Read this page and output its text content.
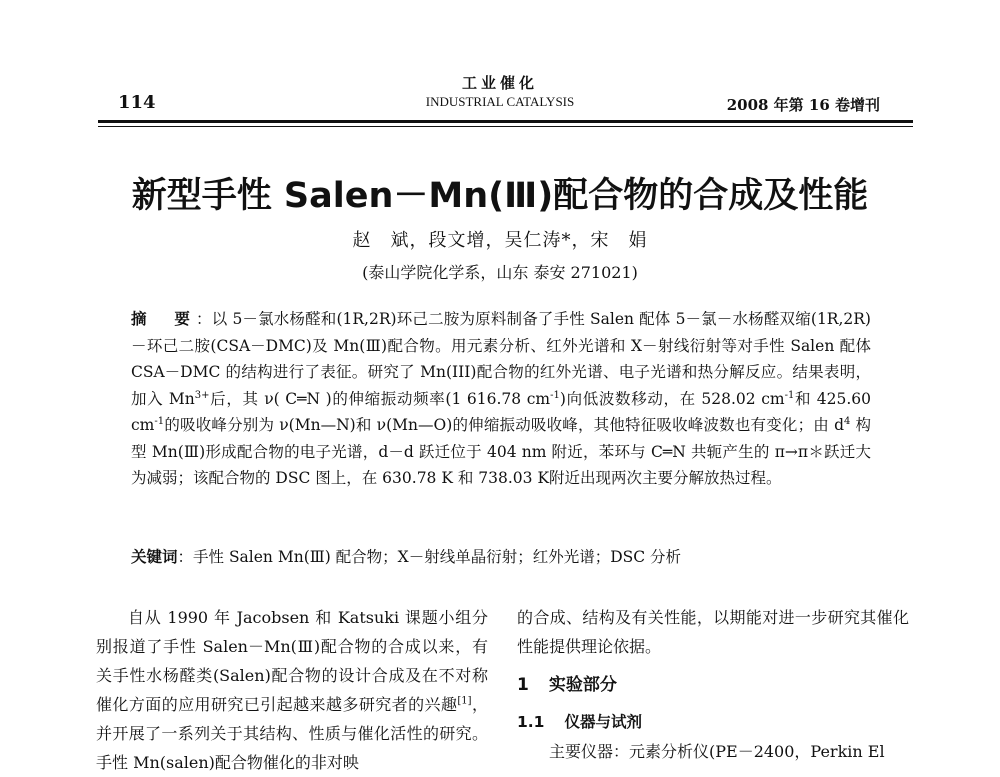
114
工业催化
INDUSTRIAL CATALYSIS	2008 年第 16 卷增刊
新型手性 Salen－Mn(Ⅲ)配合物的合成及性能
赵　斌，段文增，吴仁涛*，宋　娟
(泰山学院化学系，山东 泰安 271021)
摘　要：以 5－氯水杨醛和(1R,2R)环己二胺为原料制备了手性 Salen 配体 5－氯－水杨醛双缩(1R,2R)－环己二胺(CSA－DMC)及 Mn(Ⅲ)配合物。用元素分析、红外光谱和 X－射线衍射等对手性 Salen 配体 CSA－DMC 的结构进行了表征。研究了 Mn(III)配合物的红外光谱、电子光谱和热分解反应。结果表明，加入 $Mn^{3+}$后，其 ν( C═N )的伸缩振动频率(1 616.78 $cm^{-1}$)向低波数移动，在 528.02 $cm^{-1}$和 425.60 $cm^{-1}$的吸收峰分别为 ν(Mn—N)和 ν(Mn—O)的伸缩振动吸收峰，其他特征吸收峰波数也有变化；由 $d^4$ 构型 Mn(Ⅲ)形成配合物的电子光谱，d－d 跃迁位于 404 nm 附近，苯环与 C═N 共轭产生的 π→π＊跃迁大为减弱；该配合物的 DSC 图上，在 630.78 K 和 738.03 K附近出现两次主要分解放热过程。
关键词：手性 Salen Mn(Ⅲ) 配合物；X－射线单晶衍射；红外光谱；DSC 分析

自从 1990 年 Jacobsen 和 Katsuki 课题小组分别报道了手性 Salen－Mn(Ⅲ)配合物的合成以来，有关手性水杨醛类(Salen)配合物的设计合成及在不对称催化方面的应用研究已引起越来越多研究者的兴趣[1]，并开展了一系列关于其结构、性质与催化活性的研究。手性 Mn(salen)配合物催化的非对映

的合成、结构及有关性能，以期能对进一步研究其催化性能提供理论依据。

1 实验部分

1.1 仪器与试剂

主要仪器：元素分析仪(PE－2400，Perkin El
